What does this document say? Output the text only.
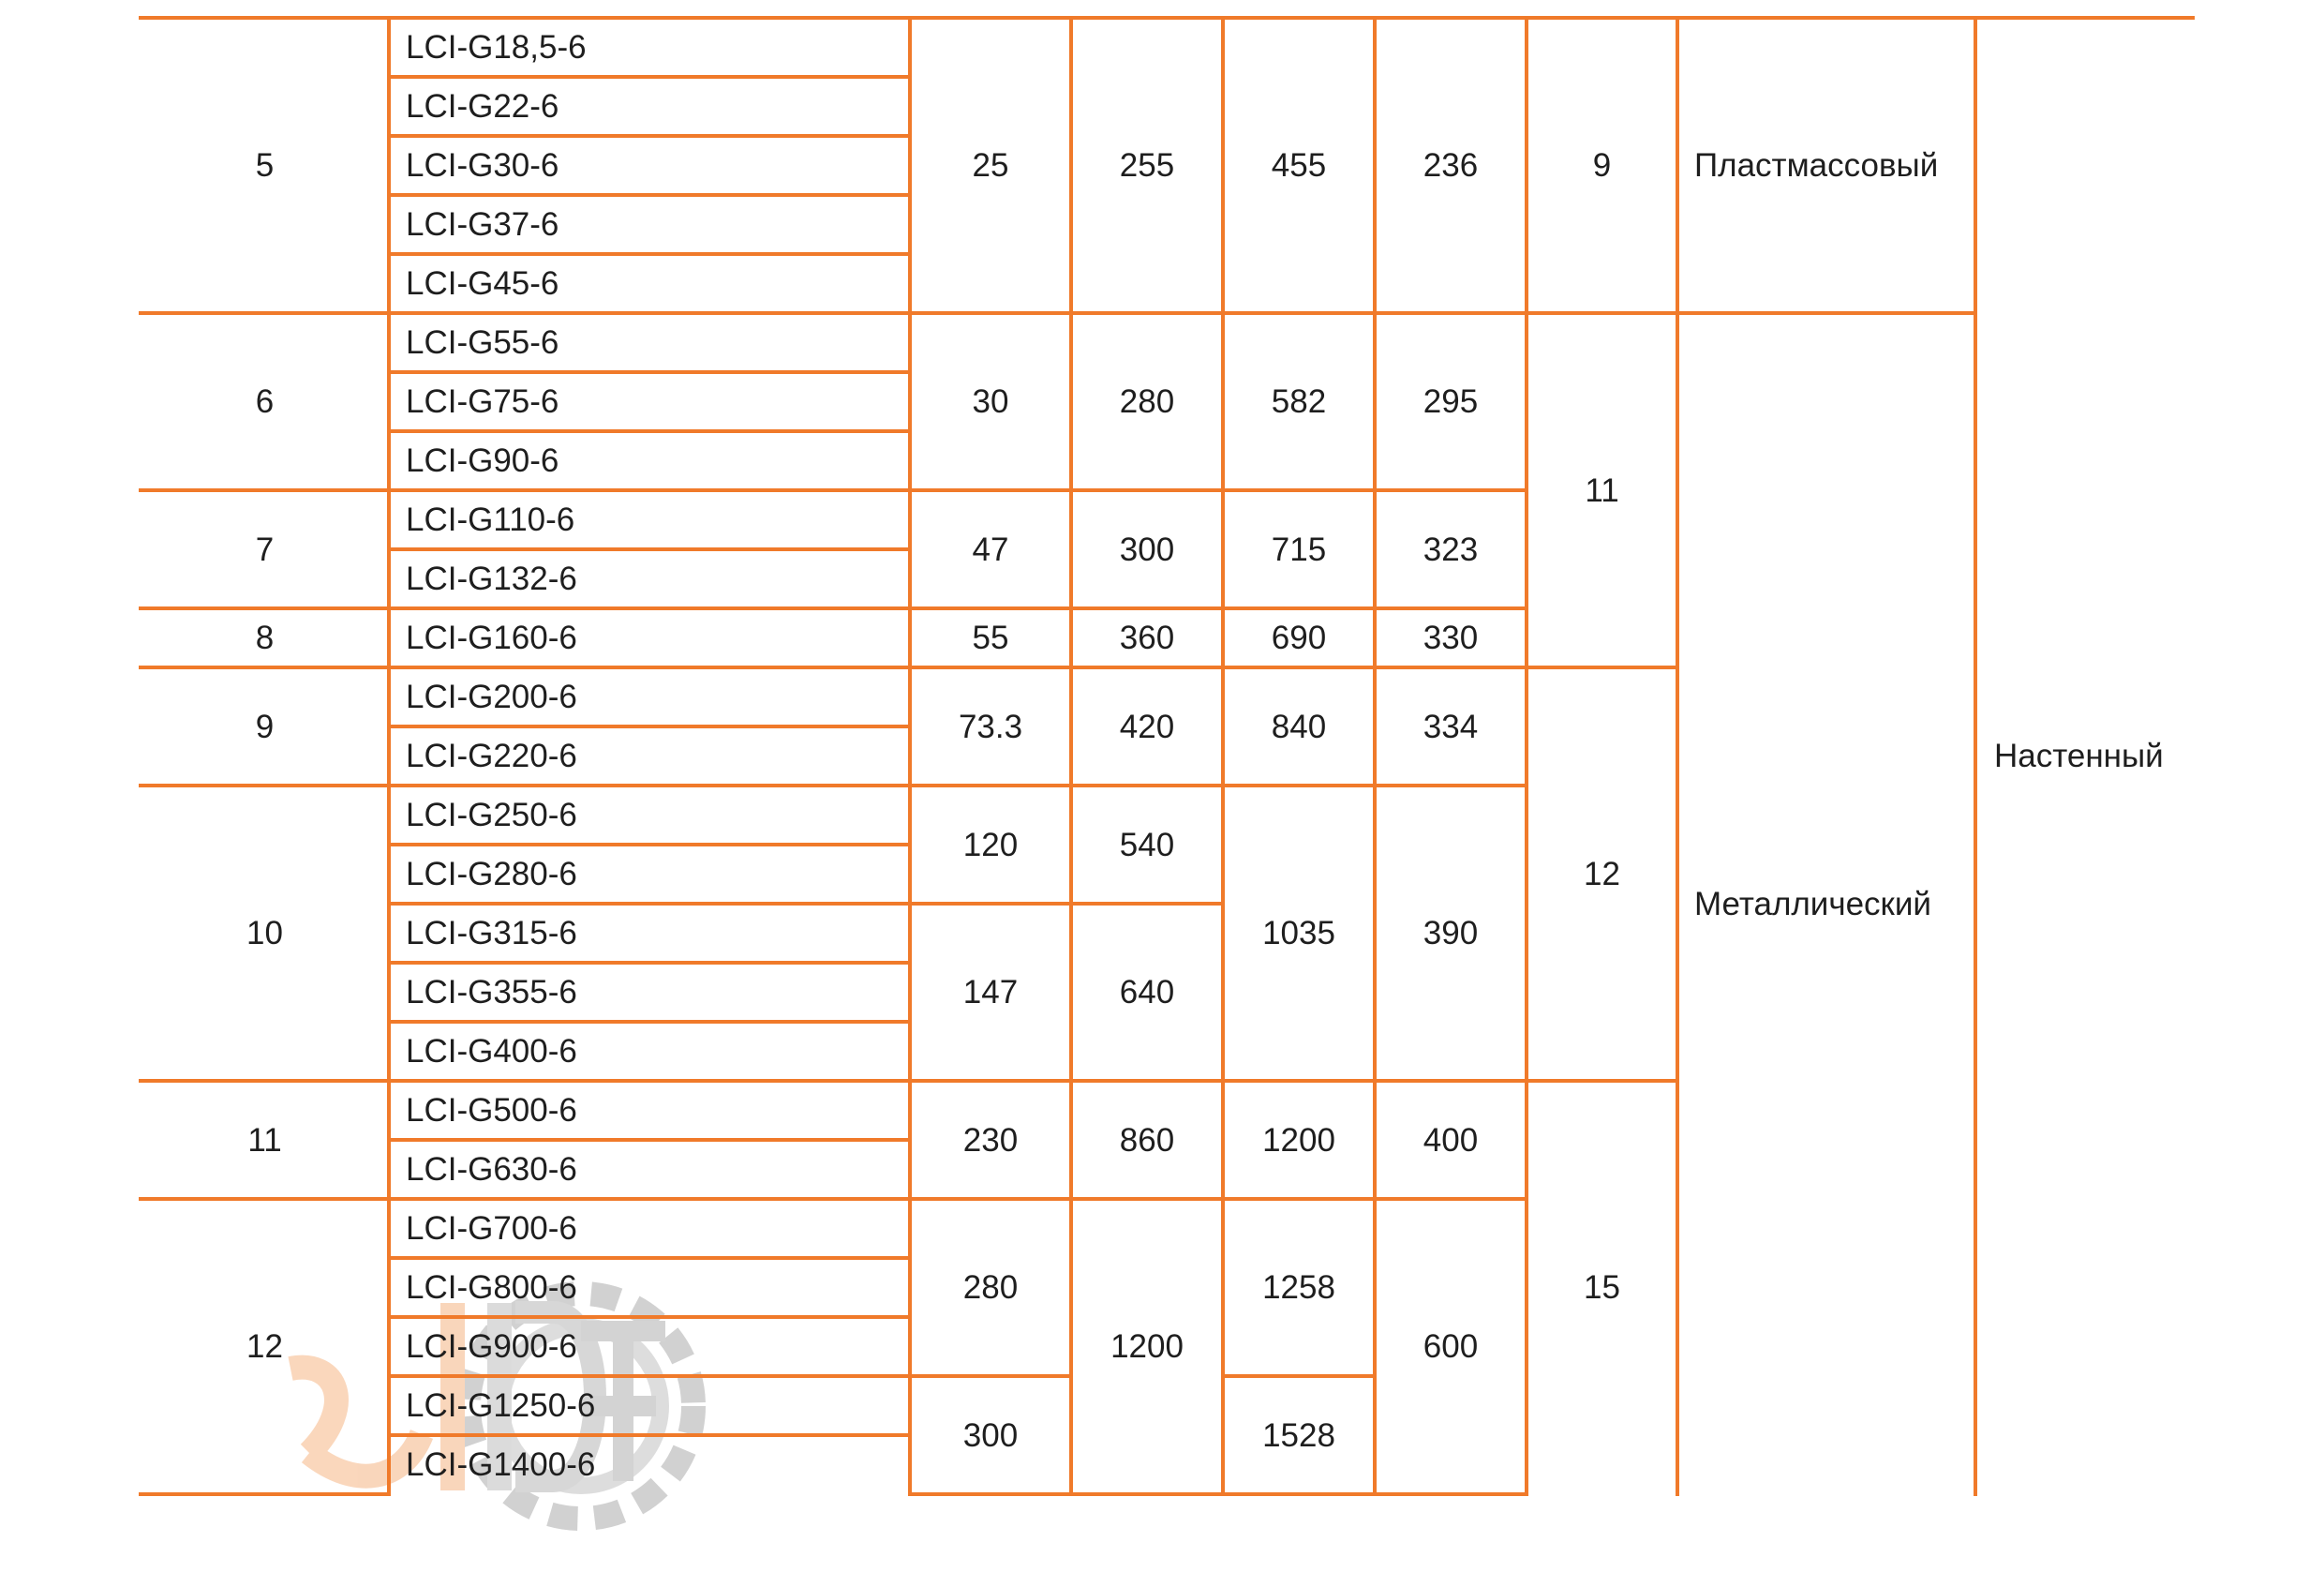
5	LCI-G18,5-6	25	255	455	236	9	Пластмассовый	Настенный
	LCI-G22-6							
	LCI-G30-6							
	LCI-G37-6							
	LCI-G45-6							
6	LCI-G55-6	30	280	582	295	11	Металлический	
	LCI-G75-6							
	LCI-G90-6							
7	LCI-G110-6	47	300	715	323			
	LCI-G132-6							
8	LCI-G160-6	55	360	690	330			
9	LCI-G200-6	73.3	420	840	334	12		
	LCI-G220-6							
10	LCI-G250-6	120	540	1035	390			
	LCI-G280-6							
	LCI-G315-6	147	640					
	LCI-G355-6							
	LCI-G400-6							
11	LCI-G500-6	230	860	1200	400	15		
	LCI-G630-6							
12	LCI-G700-6	280	1200	1258	600			
	LCI-G800-6							
	LCI-G900-6							
	LCI-G1250-6	300		1528				
	LCI-G1400-6							
